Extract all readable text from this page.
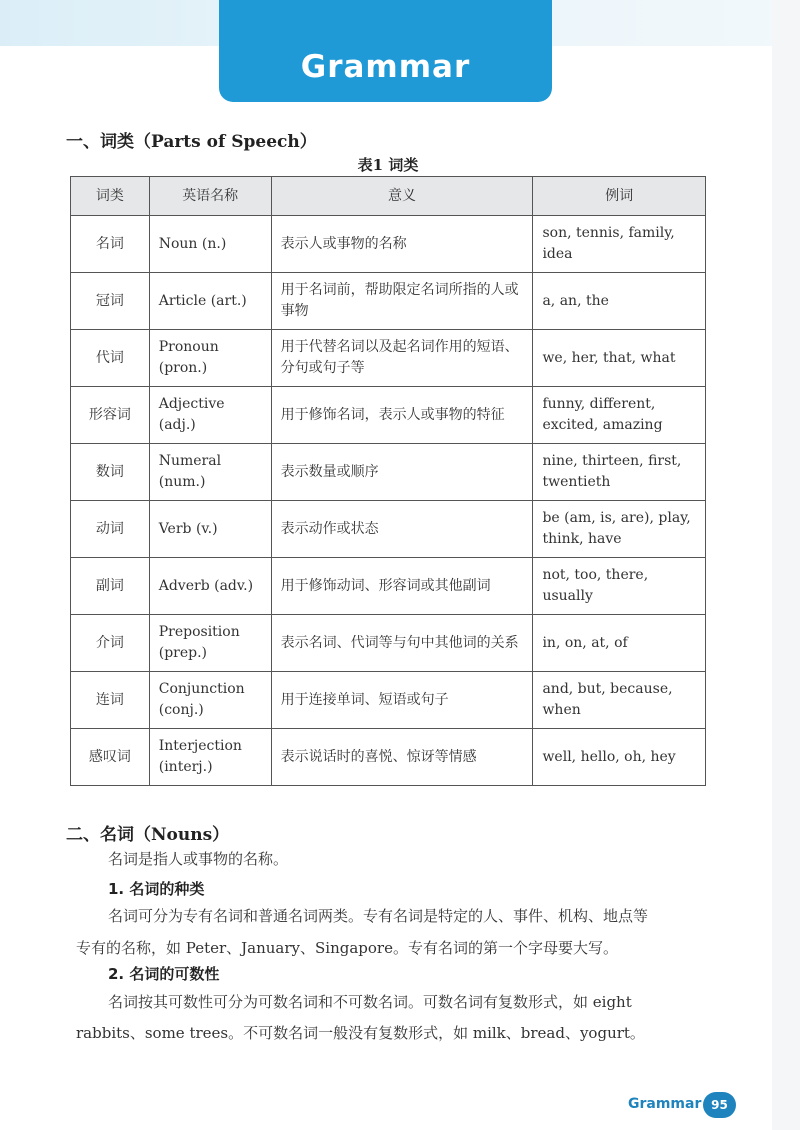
Grammar
一、词类（Parts of Speech）
表1 词类
词类	英语名称	意义	例词
名词	Noun (n.)	表示人或事物的名称	son, tennis, family, idea
冠词	Article (art.)	用于名词前，帮助限定名词所指的人或事物	a, an, the
代词	Pronoun (pron.)	用于代替名词以及起名词作用的短语、分句或句子等	we, her, that, what
形容词	Adjective (adj.)	用于修饰名词，表示人或事物的特征	funny, different, excited, amazing
数词	Numeral (num.)	表示数量或顺序	nine, thirteen, first, twentieth
动词	Verb (v.)	表示动作或状态	be (am, is, are), play, think, have
副词	Adverb (adv.)	用于修饰动词、形容词或其他副词	not, too, there, usually
介词	Preposition (prep.)	表示名词、代词等与句中其他词的关系	in, on, at, of
连词	Conjunction (conj.)	用于连接单词、短语或句子	and, but, because, when
感叹词	Interjection (interj.)	表示说话时的喜悦、惊讶等情感	well, hello, oh, hey
二、名词（Nouns）
名词是指人或事物的名称。
1. 名词的种类
名词可分为专有名词和普通名词两类。专有名词是特定的人、事件、机构、地点等
专有的名称，如 Peter、January、Singapore。专有名词的第一个字母要大写。
2. 名词的可数性
名词按其可数性可分为可数名词和不可数名词。可数名词有复数形式，如 eight
rabbits、some trees。不可数名词一般没有复数形式，如 milk、bread、yogurt。
Grammar 95
